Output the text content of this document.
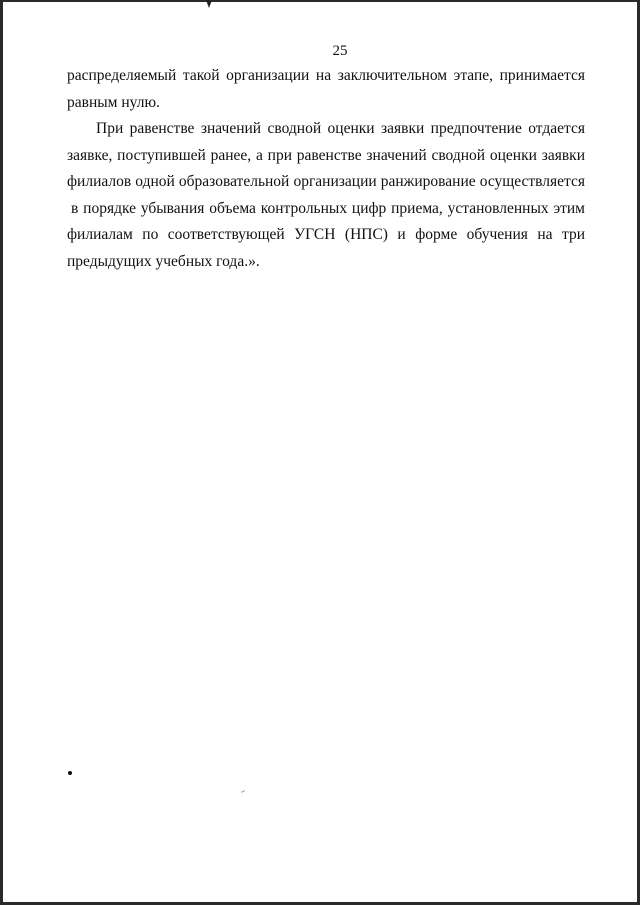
25
распределяемый такой организации на заключительном этапе, принимается
равным нулю.
При равенстве значений сводной оценки заявки предпочтение отдается
заявке, поступившей ранее, а при равенстве значений сводной оценки заявки
филиалов одной образовательной организации ранжирование осуществляется
в порядке убывания объема контрольных цифр приема, установленных этим
филиалам по соответствующей УГСН (НПС) и форме обучения на три
предыдущих учебных года.».
